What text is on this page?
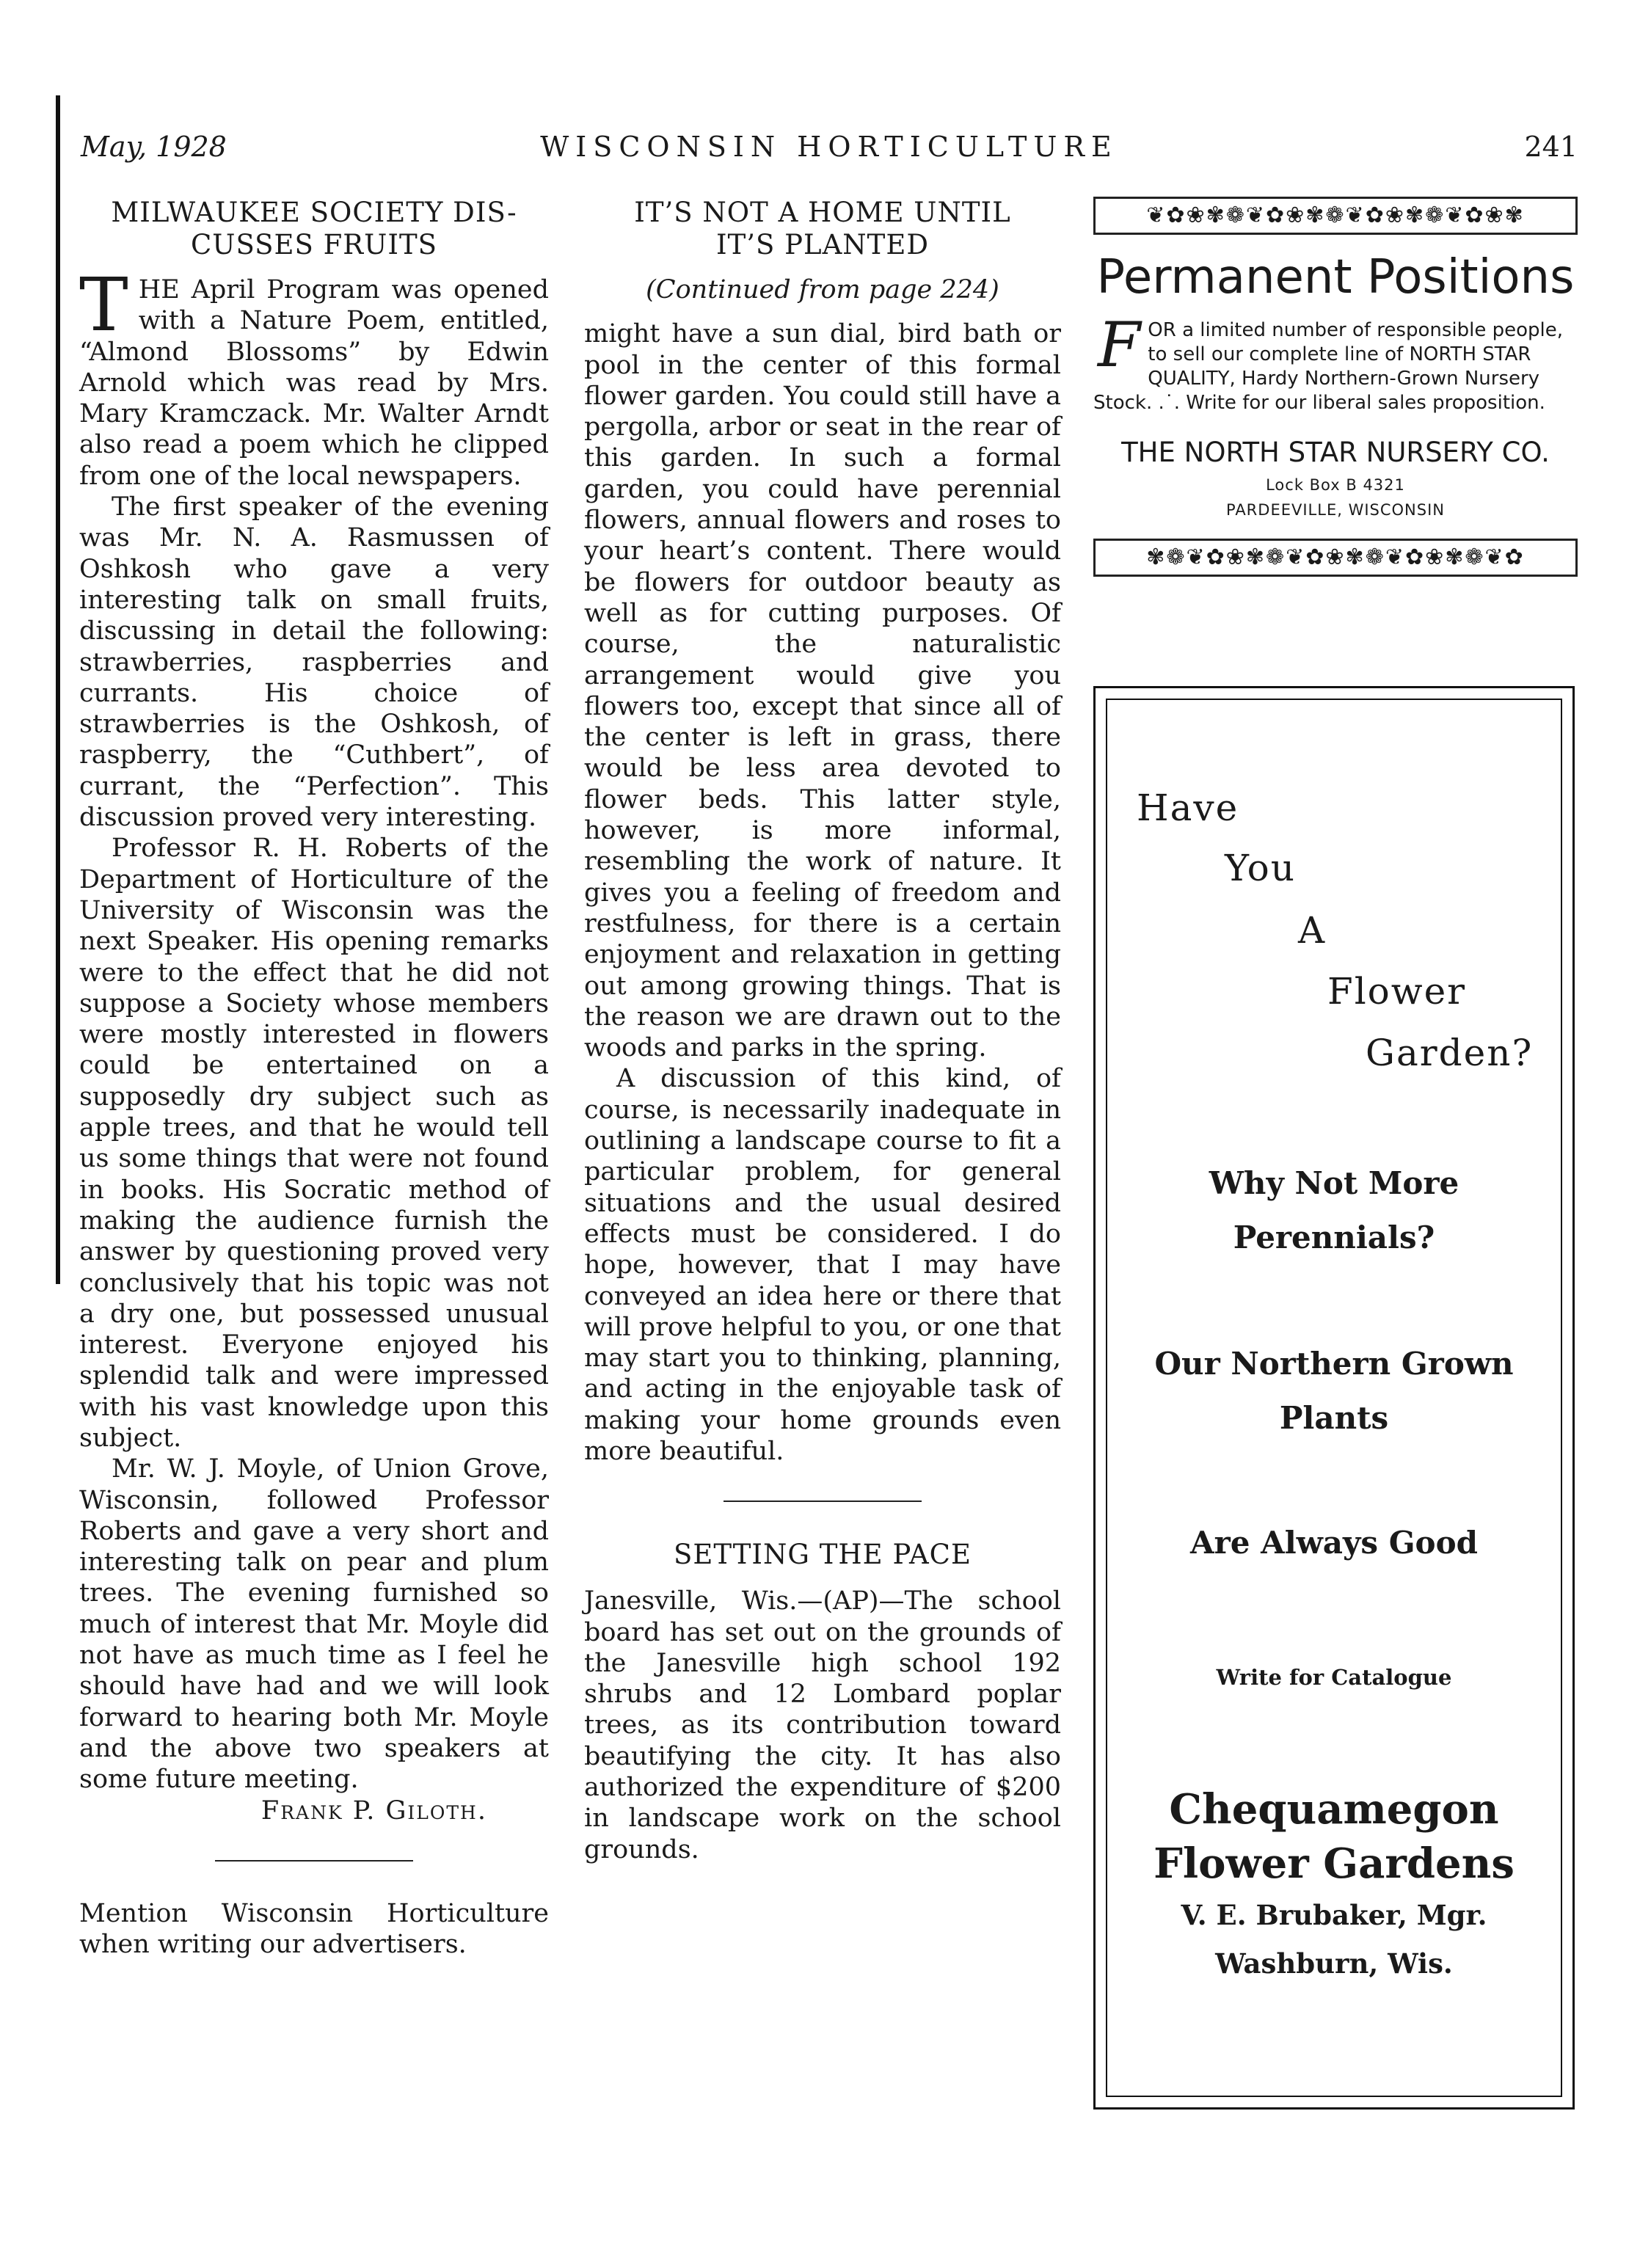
May, 1928	WISCONSIN HORTICULTURE	241
MILWAUKEE SOCIETY DIS-
CUSSES FRUITS

THE April Program was opened with a Nature Poem, entitled, “Almond Blossoms” by Edwin Arnold which was read by Mrs. Mary Kramczack. Mr. Walter Arndt also read a poem which he clipped from one of the local newspapers.

The first speaker of the evening was Mr. N. A. Rasmussen of Oshkosh who gave a very interesting talk on small fruits, discussing in detail the following: strawberries, raspberries and currants. His choice of strawberries is the Oshkosh, of raspberry, the “Cuthbert”, of currant, the “Perfection”. This discussion proved very interesting.

Professor R. H. Roberts of the Department of Horticulture of the University of Wisconsin was the next Speaker. His opening remarks were to the effect that he did not suppose a Society whose members were mostly interested in flowers could be entertained on a supposedly dry subject such as apple trees, and that he would tell us some things that were not found in books. His Socratic method of making the audience furnish the answer by questioning proved very conclusively that his topic was not a dry one, but possessed unusual interest. Everyone enjoyed his splendid talk and were impressed with his vast knowledge upon this subject.

Mr. W. J. Moyle, of Union Grove, Wisconsin, followed Professor Roberts and gave a very short and interesting talk on pear and plum trees. The evening furnished so much of interest that Mr. Moyle did not have as much time as I feel he should have had and we will look forward to hearing both Mr. Moyle and the above two speakers at some future meeting.

Frank P. Giloth.

Mention Wisconsin Horticulture when writing our advertisers.

IT’S NOT A HOME UNTIL
IT’S PLANTED
(Continued from page 224)

might have a sun dial, bird bath or pool in the center of this formal flower garden. You could still have a pergolla, arbor or seat in the rear of this garden. In such a formal garden, you could have perennial flowers, annual flowers and roses to your heart’s content. There would be flowers for outdoor beauty as well as for cutting purposes. Of course, the naturalistic arrangement would give you flowers too, except that since all of the center is left in grass, there would be less area devoted to flower beds. This latter style, however, is more informal, resembling the work of nature. It gives you a feeling of freedom and restfulness, for there is a certain enjoyment and relaxation in getting out among growing things. That is the reason we are drawn out to the woods and parks in the spring.

A discussion of this kind, of course, is necessarily inadequate in outlining a landscape course to fit a particular problem, for general situations and the usual desired effects must be considered. I do hope, however, that I may have conveyed an idea here or there that will prove helpful to you, or one that may start you to thinking, planning, and acting in the enjoyable task of making your home grounds even more beautiful.

SETTING THE PACE

Janesville, Wis.—(AP)—The school board has set out on the grounds of the Janesville high school 192 shrubs and 12 Lombard poplar trees, as its contribution toward beautifying the city. It has also authorized the expenditure of $200 in landscape work on the school grounds.

❦✿❀✾❁❦✿❀✾❁❦✿❀✾❁❦✿❀✾
Permanent Positions
FOR a limited number of responsible people, to sell our complete line of NORTH STAR QUALITY, Hardy Northern-Grown Nursery Stock. .˙. Write for our liberal sales proposition.
THE NORTH STAR NURSERY CO.
Lock Box B 4321
PARDEEVILLE, WISCONSIN
✾❁❦✿❀✾❁❦✿❀✾❁❦✿❀✾❁❦✿
Have
You
A
Flower
Garden?
Why Not More
Perennials?
Our Northern Grown
Plants
Are Always Good
Write for Catalogue
Chequamegon
Flower Gardens
V. E. Brubaker, Mgr.
Washburn, Wis.
